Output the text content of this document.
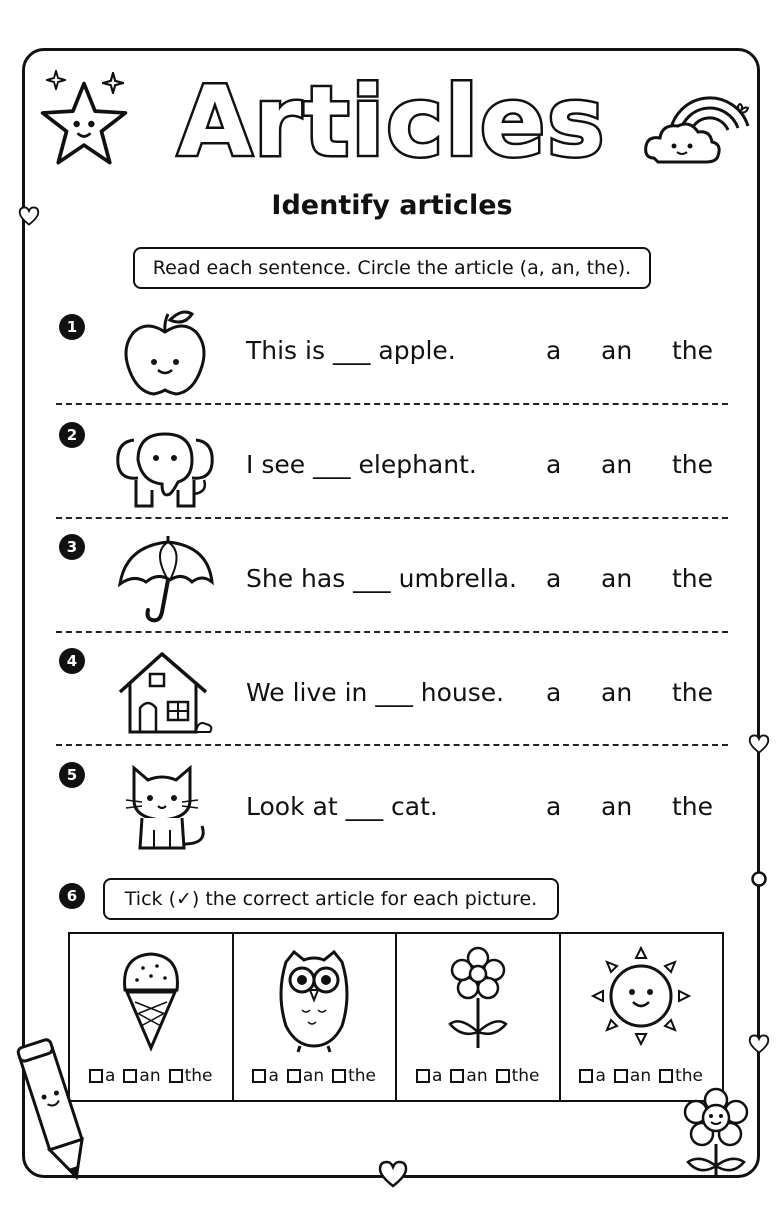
Articles
Identify articles
Read each sentence. Circle the article (a, an, the).
1
This is ___ apple.	a an the
2
I see ___ elephant.	a an the
3
She has ___ umbrella. a an the
4
We live in ___ house. a an the
5
Look at ___ cat.	a an the
6	Tick (✓) the correct article for each picture.
a an the	a an the	a an the	a an the
